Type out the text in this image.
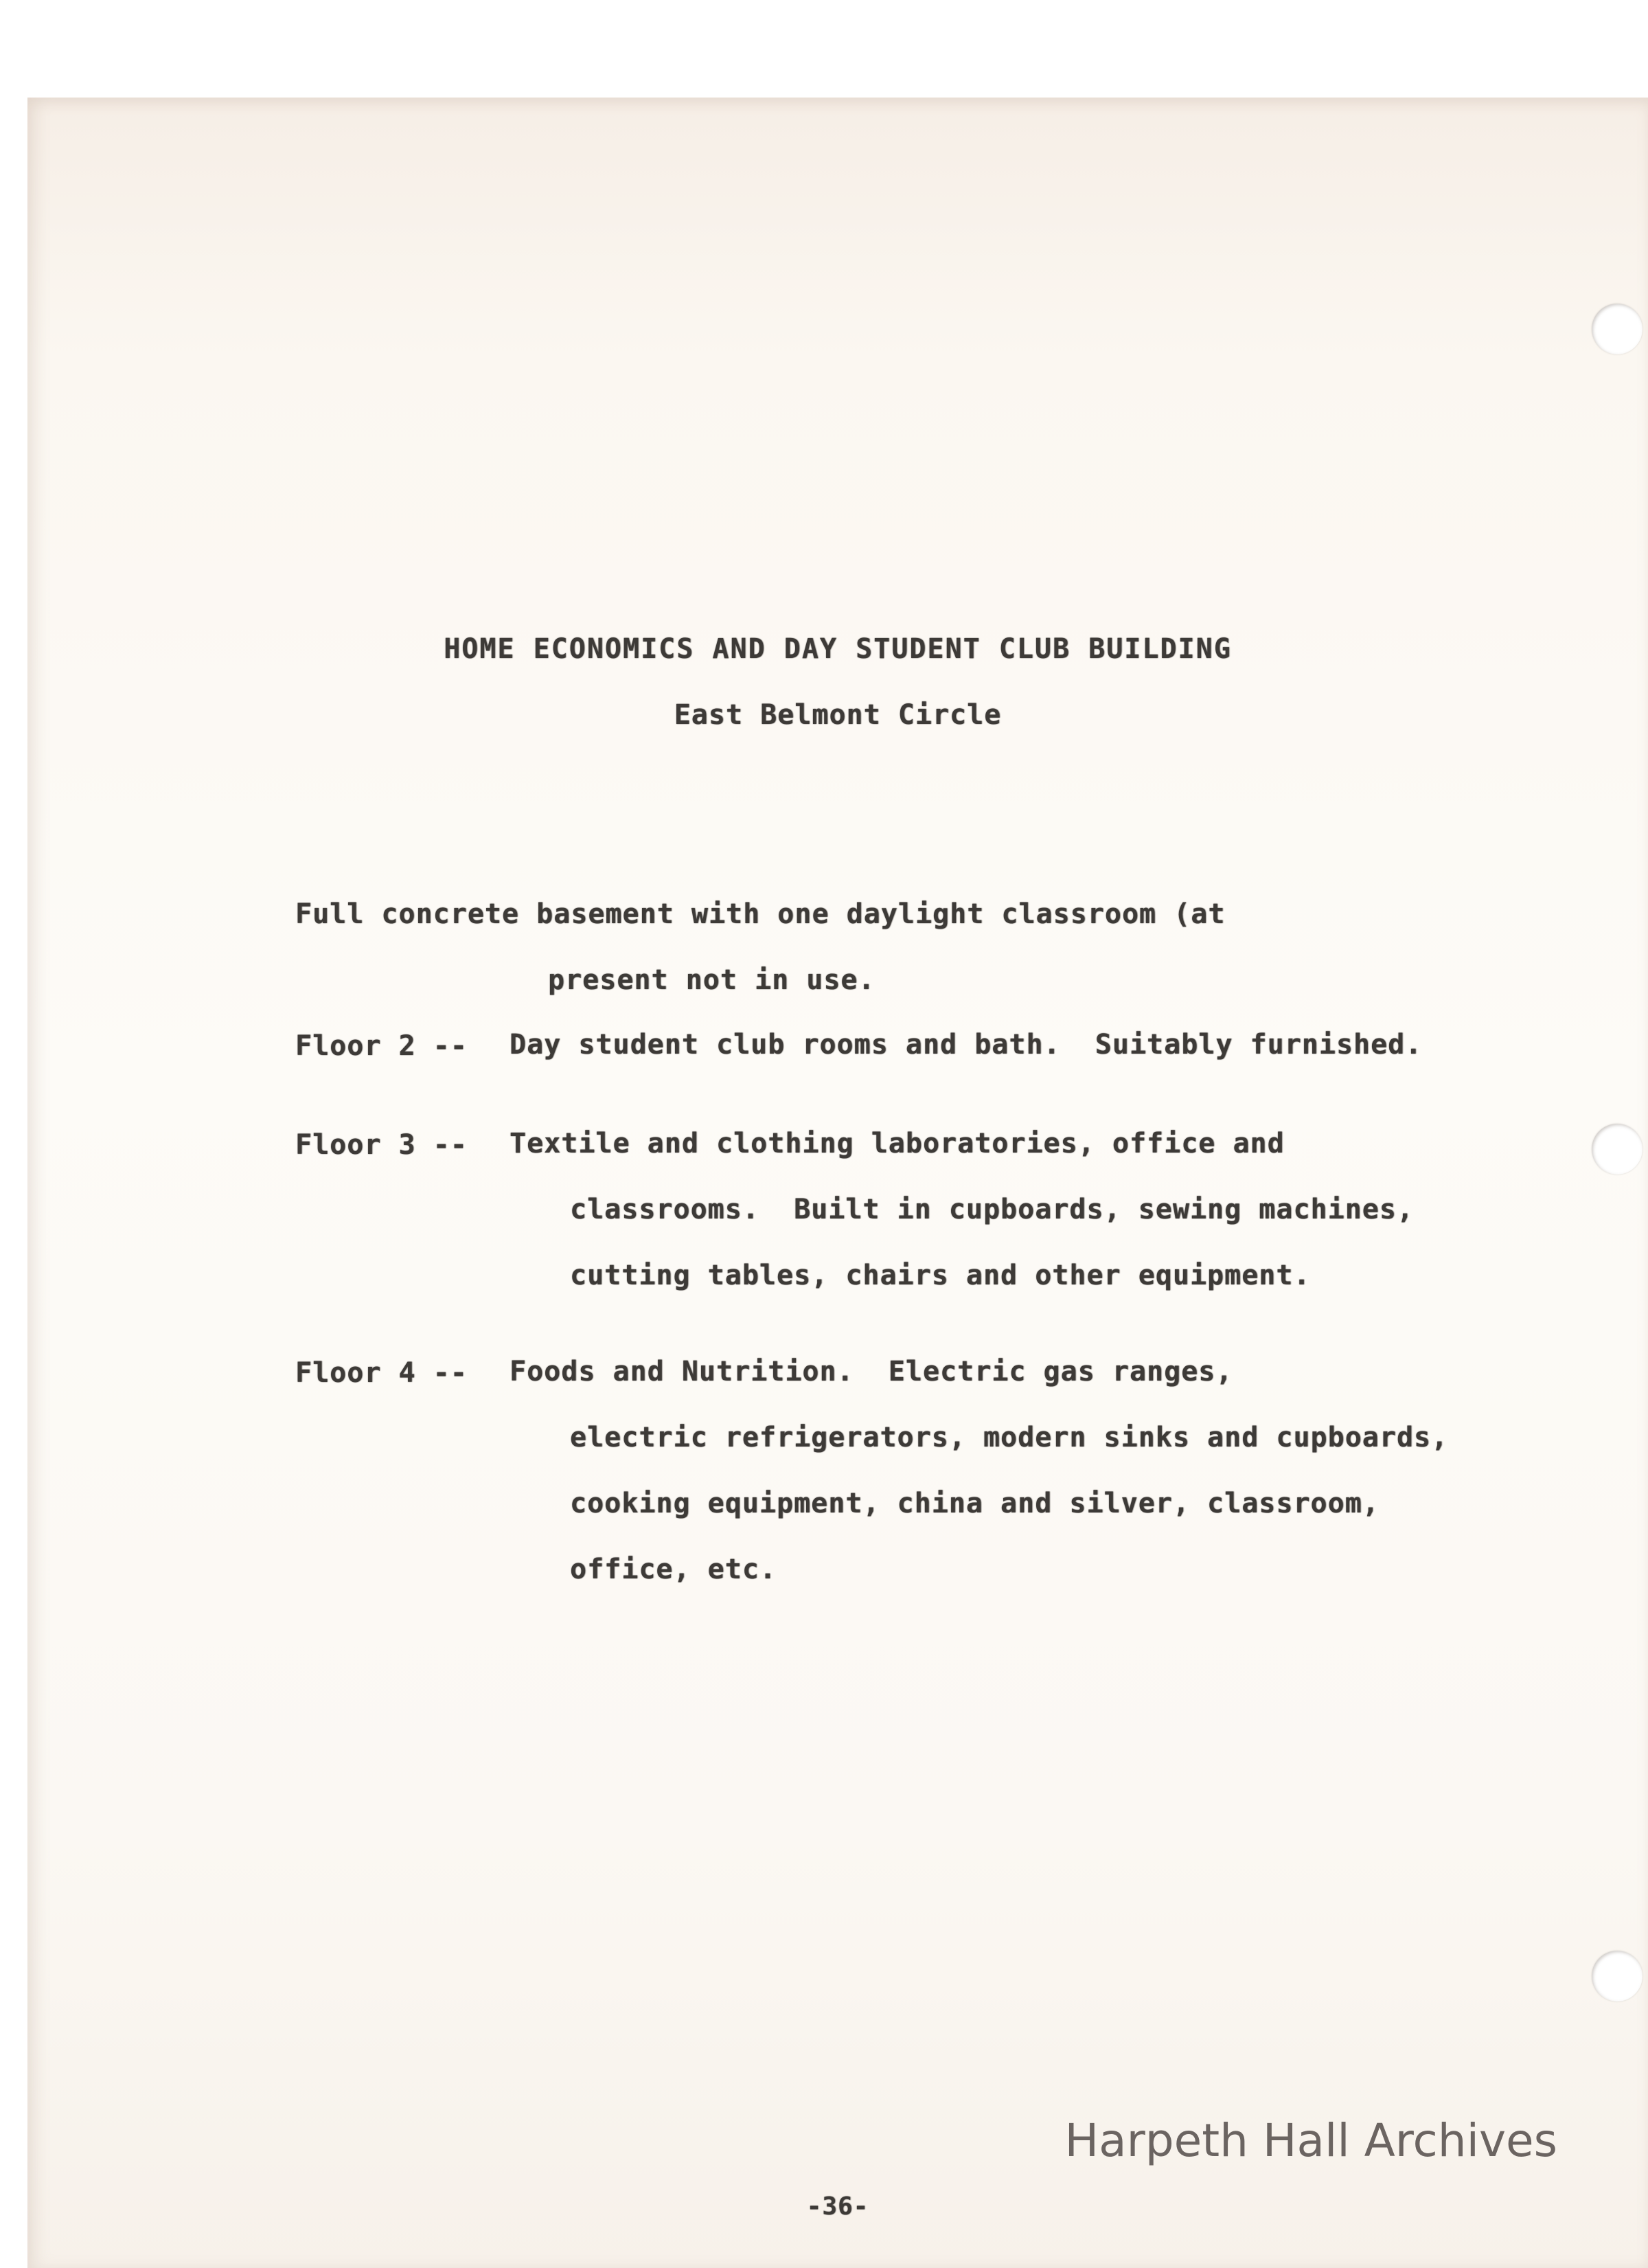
HOME ECONOMICS AND DAY STUDENT CLUB BUILDING
East Belmont Circle
Full concrete basement with one daylight classroom (at
present not in use.
Floor 2 -- Day student club rooms and bath.  Suitably furnished.
Floor 3 -- Textile and clothing laboratories, office and
classrooms.  Built in cupboards, sewing machines,
cutting tables, chairs and other equipment.
Floor 4 -- Foods and Nutrition.  Electric gas ranges,
electric refrigerators, modern sinks and cupboards,
cooking equipment, china and silver, classroom,
office, etc.
-36-
Harpeth Hall Archives
